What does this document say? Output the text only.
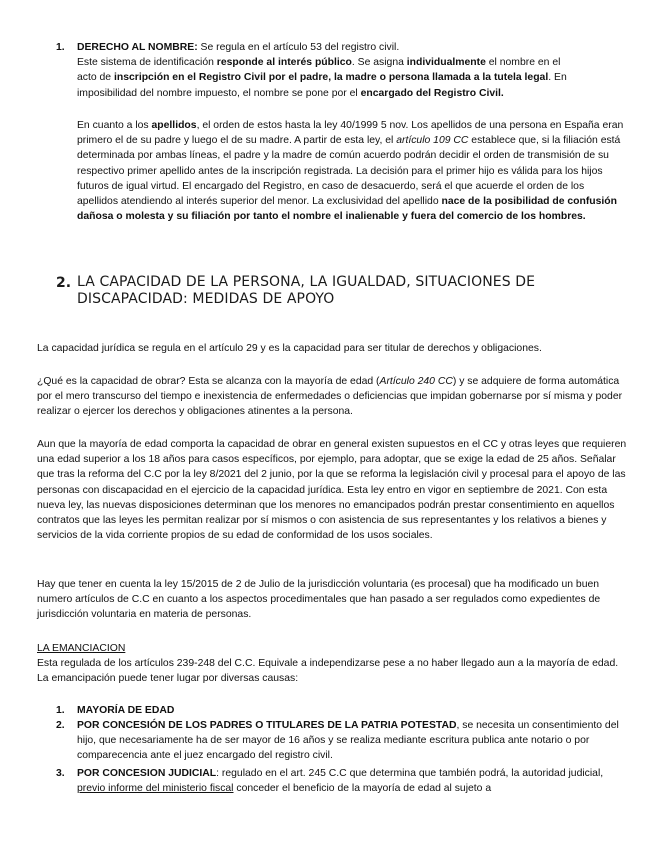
1. DERECHO AL NOMBRE: Se regula en el artículo 53 del registro civil.
Este sistema de identificación responde al interés público. Se asigna individualmente el nombre en el
acto de inscripción en el Registro Civil por el padre, la madre o persona llamada a la tutela legal. En
imposibilidad del nombre impuesto, el nombre se pone por el encargado del Registro Civil.
En cuanto a los apellidos, el orden de estos hasta la ley 40/1999 5 nov. Los apellidos de una persona en España eran primero el de su padre y luego el de su madre. A partir de esta ley, el artículo 109 CC establece que, si la filiación está determinada por ambas líneas, el padre y la madre de común acuerdo podrán decidir el orden de transmisión de su respectivo primer apellido antes de la inscripción registrada. La decisión para el primer hijo es válida para los hijos futuros de igual virtud. El encargado del Registro, en caso de desacuerdo, será el que acuerde el orden de los apellidos atendiendo al interés superior del menor. La exclusividad del apellido nace de la posibilidad de confusión dañosa o molesta y su filiación por tanto el nombre el inalienable y fuera del comercio de los hombres.
2. LA CAPACIDAD DE LA PERSONA, LA IGUALDAD, SITUACIONES DE
DISCAPACIDAD: MEDIDAS DE APOYO
La capacidad jurídica se regula en el artículo 29 y es la capacidad para ser titular de derechos y obligaciones.
¿Qué es la capacidad de obrar? Esta se alcanza con la mayoría de edad (Artículo 240 CC) y se adquiere de forma automática por el mero transcurso del tiempo e inexistencia de enfermedades o deficiencias que impidan gobernarse por sí misma y poder realizar o ejercer los derechos y obligaciones atinentes a la persona.
Aun que la mayoría de edad comporta la capacidad de obrar en general existen supuestos en el CC y otras leyes que requieren una edad superior a los 18 años para casos específicos, por ejemplo, para adoptar, que se exige la edad de 25 años. Señalar que tras la reforma del C.C por la ley 8/2021 del 2 junio, por la que se reforma la legislación civil y procesal para el apoyo de las personas con discapacidad en el ejercicio de la capacidad jurídica. Esta ley entro en vigor en septiembre de 2021. Con esta nueva ley, las nuevas disposiciones determinan que los menores no emancipados podrán prestar consentimiento en aquellos contratos que las leyes les permitan realizar por sí mismos o con asistencia de sus representantes y los relativos a bienes y servicios de la vida corriente propios de su edad de conformidad de los usos sociales.
Hay que tener en cuenta la ley 15/2015 de 2 de Julio de la jurisdicción voluntaria (es procesal) que ha modificado un buen numero artículos de C.C en cuanto a los aspectos procedimentales que han pasado a ser regulados como expedientes de jurisdicción voluntaria en materia de personas.
LA EMANCIACION
Esta regulada de los artículos 239-248 del C.C. Equivale a independizarse pese a no haber llegado aun a la mayoría de edad. La emancipación puede tener lugar por diversas causas:
1. MAYORÍA DE EDAD
2. POR CONCESIÓN DE LOS PADRES O TITULARES DE LA PATRIA POTESTAD, se necesita un consentimiento del hijo, que necesariamente ha de ser mayor de 16 años y se realiza mediante escritura publica ante notario o por comparecencia ante el juez encargado del registro civil.
3. POR CONCESION JUDICIAL: regulado en el art. 245 C.C que determina que también podrá, la autoridad judicial, previo informe del ministerio fiscal conceder el beneficio de la mayoría de edad al sujeto a
